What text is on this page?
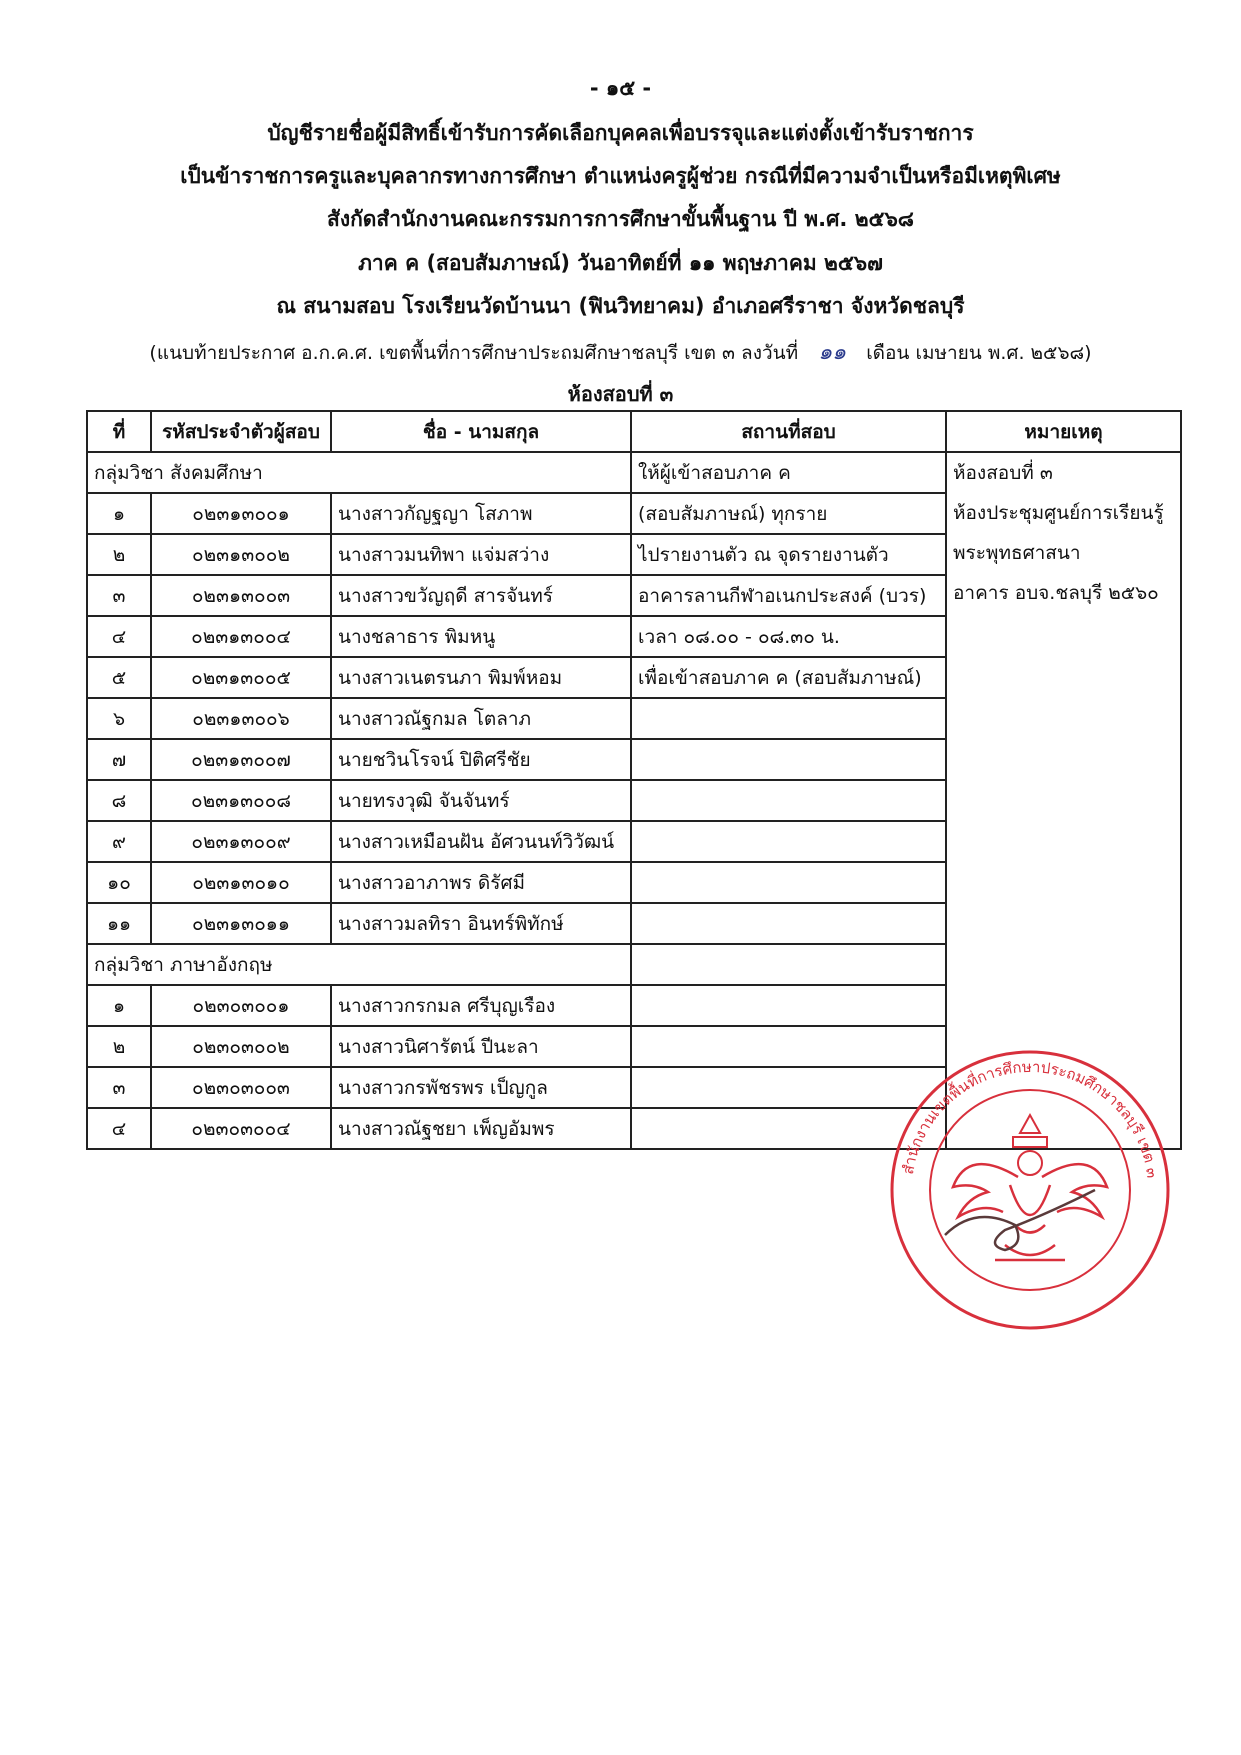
- ๑๕ -
บัญชีรายชื่อผู้มีสิทธิ์เข้ารับการคัดเลือกบุคคลเพื่อบรรจุและแต่งตั้งเข้ารับราชการ
เป็นข้าราชการครูและบุคลากรทางการศึกษา ตำแหน่งครูผู้ช่วย กรณีที่มีความจำเป็นหรือมีเหตุพิเศษ
สังกัดสำนักงานคณะกรรมการการศึกษาขั้นพื้นฐาน ปี พ.ศ. ๒๕๖๘
ภาค ค (สอบสัมภาษณ์) วันอาทิตย์ที่ ๑๑ พฤษภาคม ๒๕๖๗
ณ สนามสอบ โรงเรียนวัดบ้านนา (ฟินวิทยาคม) อำเภอศรีราชา จังหวัดชลบุรี
(แนบท้ายประกาศ อ.ก.ค.ศ. เขตพื้นที่การศึกษาประถมศึกษาชลบุรี เขต ๓ ลงวันที่ ๑๑ เดือน เมษายน พ.ศ. ๒๕๖๘)
ห้องสอบที่ ๓
ที่	รหัสประจำตัวผู้สอบ	ชื่อ - นามสกุล	สถานที่สอบ	หมายเหตุ
กลุ่มวิชา สังคมศึกษา			ให้ผู้เข้าสอบภาค ค	ห้องสอบที่ ๓
ห้องประชุมศูนย์การเรียนรู้
พระพุทธศาสนา
อาคาร อบจ.ชลบุรี ๒๕๖๐

๑	๐๒๓๑๓๐๐๑	นางสาวกัญฐญา โสภาพ	(สอบสัมภาษณ์) ทุกราย	
๒	๐๒๓๑๓๐๐๒	นางสาวมนทิพา แจ่มสว่าง	ไปรายงานตัว ณ จุดรายงานตัว	
๓	๐๒๓๑๓๐๐๓	นางสาวขวัญฤดี สารจันทร์	อาคารลานกีฬาอเนกประสงค์ (บวร)	
๔	๐๒๓๑๓๐๐๔	นางชลาธาร พิมหนู	เวลา ๐๘.๐๐ - ๐๘.๓๐ น.	
๕	๐๒๓๑๓๐๐๕	นางสาวเนตรนภา พิมพ์หอม	เพื่อเข้าสอบภาค ค (สอบสัมภาษณ์)	
๖	๐๒๓๑๓๐๐๖	นางสาวณัฐกมล โตลาภ		
๗	๐๒๓๑๓๐๐๗	นายชวินโรจน์ ปิติศรีชัย		
๘	๐๒๓๑๓๐๐๘	นายทรงวุฒิ จันจันทร์		
๙	๐๒๓๑๓๐๐๙	นางสาวเหมือนฝัน อัศวนนท์วิวัฒน์		
๑๐	๐๒๓๑๓๐๑๐	นางสาวอาภาพร ดิรัศมี		
๑๑	๐๒๓๑๓๐๑๑	นางสาวมลทิรา อินทร์พิทักษ์		
กลุ่มวิชา ภาษาอังกฤษ				
๑	๐๒๓๐๓๐๐๑	นางสาวกรกมล ศรีบุญเรือง		
๒	๐๒๓๐๓๐๐๒	นางสาวนิศารัตน์ ปีนะลา		
๓	๐๒๓๐๓๐๐๓	นางสาวกรพัชรพร เป็ญกูล		
๔	๐๒๓๐๓๐๐๔	นางสาวณัฐชยา เพ็ญอัมพร		
สำนักงานเขตพื้นที่การศึกษาประถมศึกษาชลบุรี เขต ๓
